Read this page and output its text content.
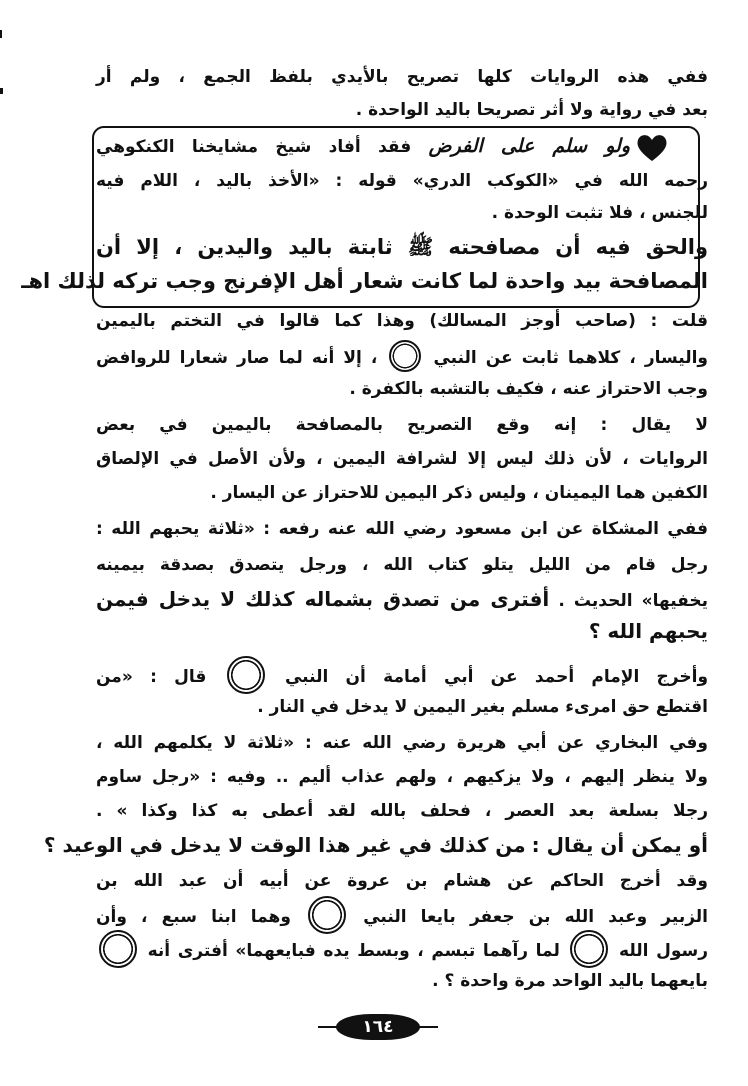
ففي هذه الروايات كلها تصريح بالأيدي بلفظ الجمع ، ولم أر
بعد في رواية ولا أثر تصريحا باليد الواحدة .
ولو سلم على الفرض فقد أفاد شيخ مشايخنا الكنكوهي
رحمه الله في «الكوكب الدري» قوله : «الأخذ باليد ، اللام فيه
للجنس ، فلا تثبت الوحدة .
والحق فيه أن مصافحته ﷺ ثابتة باليد واليدين ، إلا أن
المصافحة بيد واحدة لما كانت شعار أهل الإفرنج وجب تركه لذلك اهـ
قلت : (صاحب أوجز المسالك) وهذا كما قالوا في التختم باليمين
واليسار ، كلاهما ثابت عن النبي  ، إلا أنه لما صار شعارا للروافض
وجب الاحتراز عنه ، فكيف بالتشبه بالكفرة .
لا يقال : إنه وقع التصريح بالمصافحة باليمين في بعض
الروايات ، لأن ذلك ليس إلا لشرافة اليمين ، ولأن الأصل في الإلصاق
الكفين هما اليمينان ، وليس ذكر اليمين للاحتراز عن اليسار .
ففي المشكاة عن ابن مسعود رضي الله عنه رفعه : «ثلاثة يحبهم الله :
رجل قام من الليل يتلو كتاب الله ، ورجل يتصدق بصدقة بيمينه
يخفيها» الحديث . أفترى من تصدق بشماله كذلك لا يدخل فيمن
يحبهم الله ؟
وأخرج الإمام أحمد عن أبي أمامة أن النبي  قال : «من
اقتطع حق امرىء مسلم بغير اليمين لا يدخل في النار .
وفي البخاري عن أبي هريرة رضي الله عنه : «ثلاثة لا يكلمهم الله ،
ولا ينظر إليهم ، ولا يزكيهم ، ولهم عذاب أليم .. وفيه : «رجل ساوم
رجلا بسلعة بعد العصر ، فحلف بالله لقد أعطى به كذا وكذا » .
أو يمكن أن يقال : من كذلك في غير هذا الوقت لا يدخل في الوعيد ؟
وقد أخرج الحاكم عن هشام بن عروة عن أبيه أن عبد الله بن
الزبير وعبد الله بن جعفر بايعا النبي  وهما ابنا سبع ، وأن
رسول الله  لما رآهما تبسم ، وبسط يده فبايعهما» أفترى أنه
بايعهما باليد الواحد مرة واحدة ؟ .
١٦٤
